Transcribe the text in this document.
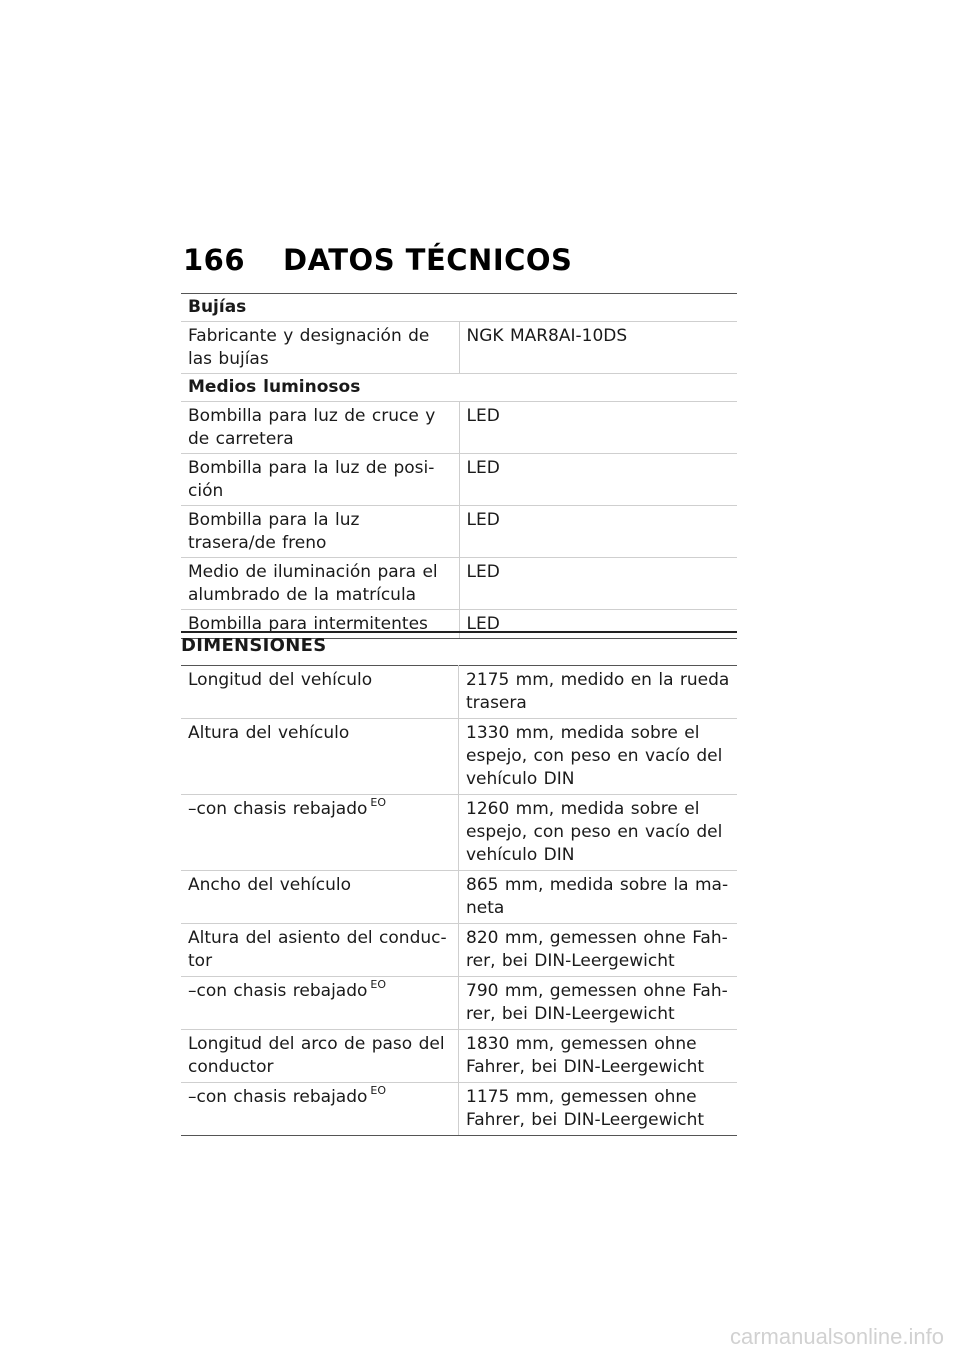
166 DATOS TÉCNICOS
Bujías	
Fabricante y designación de las bujías	NGK MAR8AI-10DS
Medios luminosos	
Bombilla para luz de cruce y de carretera	LED
Bombilla para la luz de posi-ción	LED
Bombilla para la luz trasera/de freno	LED
Medio de iluminación para el alumbrado de la matrícula	LED
Bombilla para intermitentes	LED
DIMENSIONES
Longitud del vehículo	2175 mm, medido en la rueda trasera
Altura del vehículo	1330 mm, medida sobre el espejo, con peso en vacío del vehículo DIN
–con chasis rebajado $^{EO}$	1260 mm, medida sobre el espejo, con peso en vacío del vehículo DIN
Ancho del vehículo	865 mm, medida sobre la ma-neta
Altura del asiento del conduc-tor	820 mm, gemessen ohne Fah-rer, bei DIN-Leergewicht
–con chasis rebajado $^{EO}$	790 mm, gemessen ohne Fah-rer, bei DIN-Leergewicht
Longitud del arco de paso del conductor	1830 mm, gemessen ohne Fahrer, bei DIN-Leergewicht
–con chasis rebajado $^{EO}$	1175 mm, gemessen ohne Fahrer, bei DIN-Leergewicht
carmanualsonline.info
